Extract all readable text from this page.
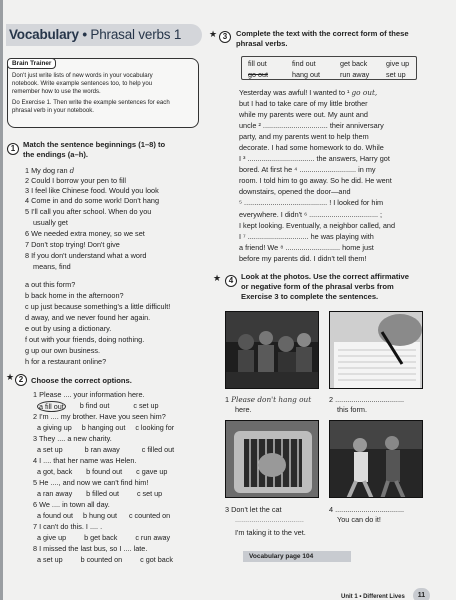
Vocabulary • Phrasal verbs 1
Brain Trainer
Don't just write lists of new words in your vocabulary
notebook. Write example sentences too, to help you
remember how to use the words.
Do Exercise 1. Then write the example sentences for each
phrasal verb in your notebook.
1	Match the sentence beginnings (1–8) to
the endings (a–h).
1 My dog ran d
2 Could I borrow your pen to fill
3 I feel like Chinese food. Would you look
4 Come in and do some work! Don't hang
5 I'll call you after school. When do you
usually get
6 We needed extra money, so we set
7 Don't stop trying! Don't give
8 If you don't understand what a word
means, find
a out this form?
b back home in the afternoon?
c up just because something's a little difficult!
d away, and we never found her again.
e out by using a dictionary.
f out with your friends, doing nothing.
g up our own business.
h for a restaurant online?
★ 2	Choose the correct options.
1 Please .... your information here.
a fill out b find out	c set up
2 I'm .... my brother. Have you seen him?
a giving up b hanging out c looking for
3 They .... a new charity.
a set up	b ran away	c filled out
4 I .... that her name was Helen.
a got, back b found out c gave up
5 He ...., and now we can't find him!
a ran away b filled out	c set up
6 We .... in town all day.
a found out b hung out c counted on
7 I can't do this. I .... .
a give up	b get back	c run away
8 I missed the last bus, so I .... late.
a set up	b counted on	c got back
★ 3	Complete the text with the correct form of these
phrasal verbs.
fill out	find out	get back	give up
go out	hang out	run away set up
Yesterday was awful! I wanted to ¹ go out,
but I had to take care of my little brother
while my parents were out. My aunt and
uncle ² ................................ their anniversary
party, and my parents went to help them
decorate. I had some homework to do. While
I ³ ................................. the answers, Harry got
bored. At first he ⁴ ............................ in my
room. I told him to go away. So he did. He went
downstairs, opened the door—and
⁵ ......................................... ! I looked for him
everywhere. I didn't ⁶ .................................. ;
I kept looking. Eventually, a neighbor called, and
I ⁷ .............................. he was playing with
a friend! We ⁸ ........................... home just
before my parents did. I didn't tell them!
★ 4	Look at the photos. Use the correct affirmative
or negative form of the phrasal verbs from
Exercise 3 to complete the sentences.
1 Please don't hang out
here.
2 ..................................
this form.
3 Don't let the cat
..................................
I'm taking it to the vet.
4 ..................................
You can do it!
Vocabulary page 104
Unit 1 • Different Lives	11
